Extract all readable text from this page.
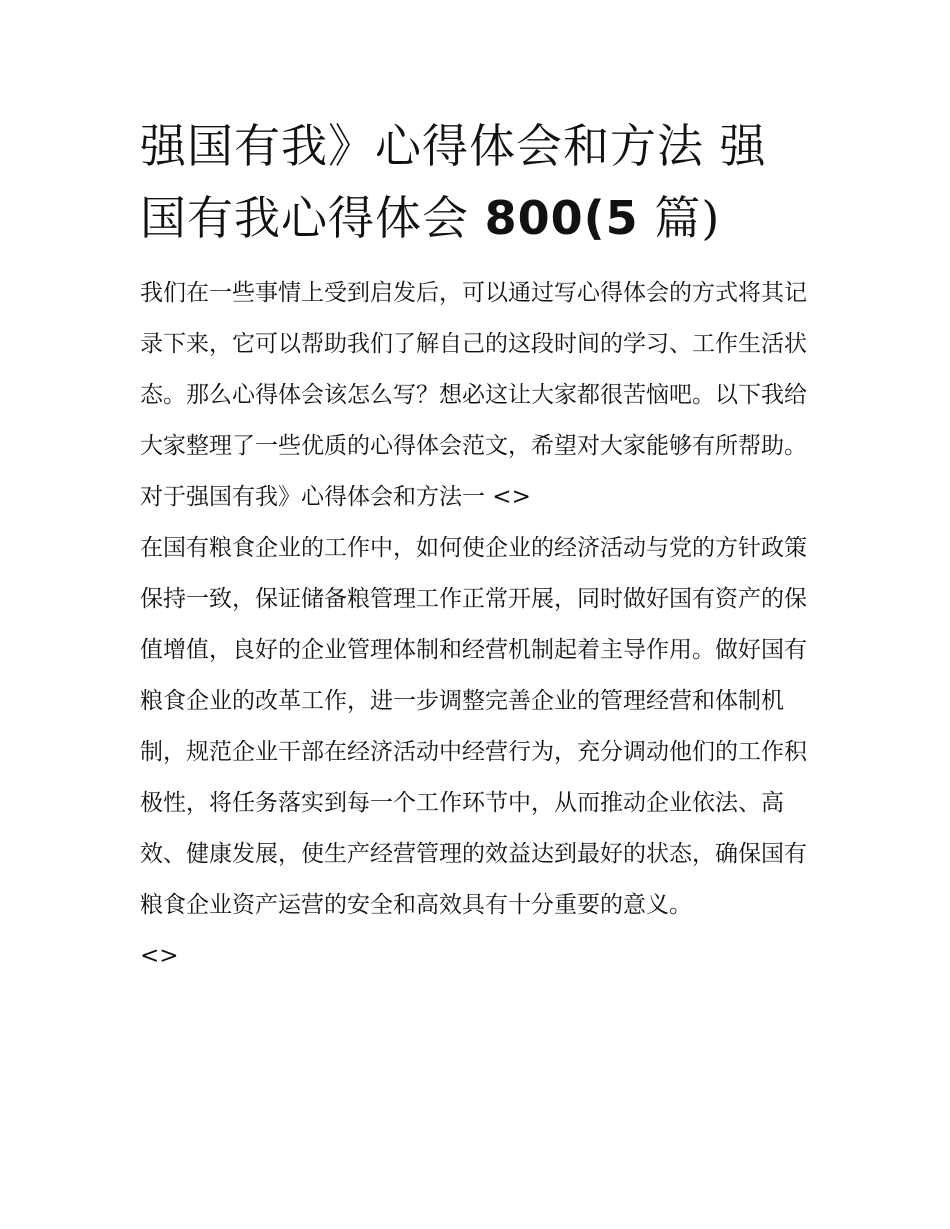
强国有我》心得体会和方法 强国有我心得体会 800(5 篇)

我们在一些事情上受到启发后，可以通过写心得体会的方式将其记录下来，它可以帮助我们了解自己的这段时间的学习、工作生活状态。那么心得体会该怎么写？想必这让大家都很苦恼吧。以下我给大家整理了一些优质的心得体会范文，希望对大家能够有所帮助。

对于强国有我》心得体会和方法一 <>

在国有粮食企业的工作中，如何使企业的经济活动与党的方针政策保持一致，保证储备粮管理工作正常开展，同时做好国有资产的保值增值，良好的企业管理体制和经营机制起着主导作用。做好国有粮食企业的改革工作，进一步调整完善企业的管理经营和体制机制，规范企业干部在经济活动中经营行为，充分调动他们的工作积极性，将任务落实到每一个工作环节中，从而推动企业依法、高效、健康发展，使生产经营管理的效益达到最好的状态，确保国有粮食企业资产运营的安全和高效具有十分重要的意义。

<>
